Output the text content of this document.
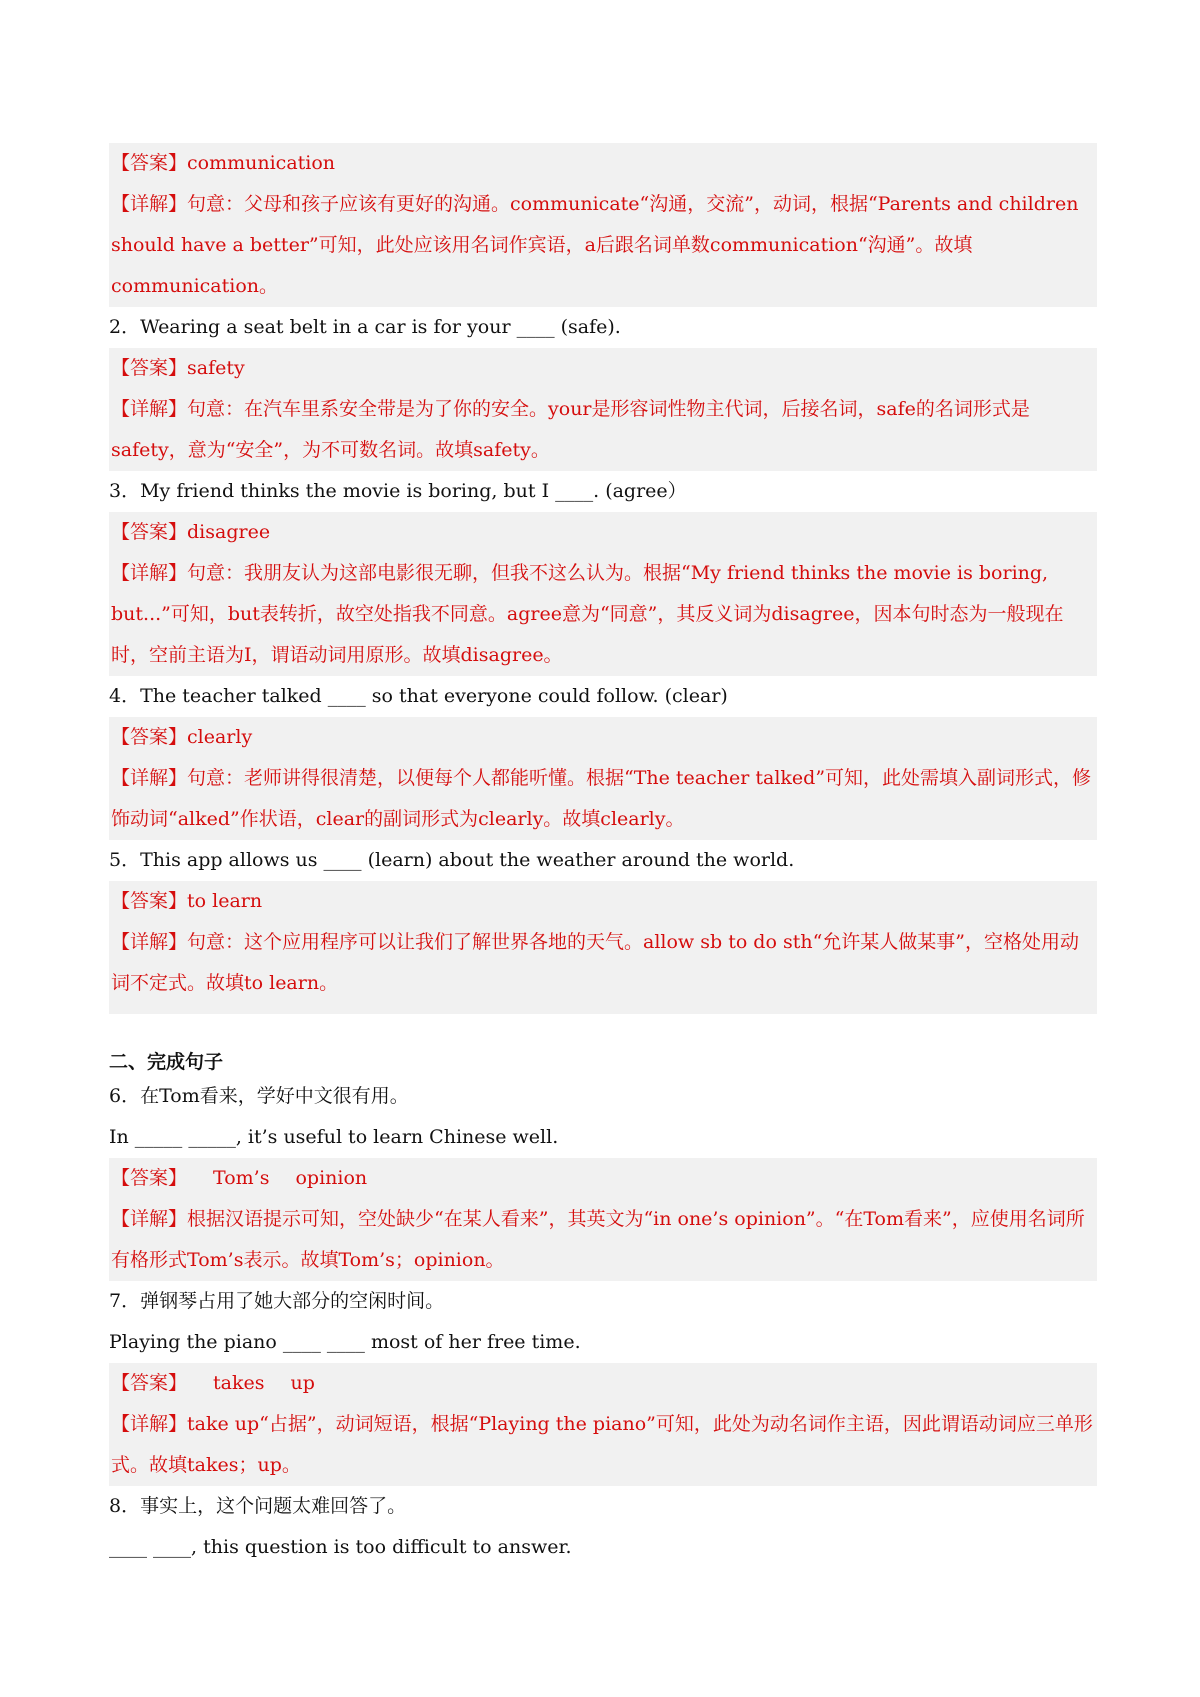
【答案】communication

【详解】句意：父母和孩子应该有更好的沟通。communicate“沟通，交流”，动词，根据“Parents and children should have a better”可知，此处应该用名词作宾语，a后跟名词单数communication“沟通”。故填communication。

2．Wearing a seat belt in a car is for your ____ (safe).

【答案】safety

【详解】句意：在汽车里系安全带是为了你的安全。your是形容词性物主代词，后接名词，safe的名词形式是safety，意为“安全”，为不可数名词。故填safety。

3．My friend thinks the movie is boring, but I ____. (agree）

【答案】disagree

【详解】句意：我朋友认为这部电影很无聊，但我不这么认为。根据“My friend thinks the movie is boring, but...”可知，but表转折，故空处指我不同意。agree意为“同意”，其反义词为disagree，因本句时态为一般现在时，空前主语为I，谓语动词用原形。故填disagree。

4．The teacher talked ____ so that everyone could follow. (clear)

【答案】clearly

【详解】句意：老师讲得很清楚，以便每个人都能听懂。根据“The teacher talked”可知，此处需填入副词形式，修饰动词“alked”作状语，clear的副词形式为clearly。故填clearly。

5．This app allows us ____ (learn) about the weather around the world.

【答案】to learn

【详解】句意：这个应用程序可以让我们了解世界各地的天气。allow sb to do sth“允许某人做某事”，空格处用动词不定式。故填to learn。

二、完成句子
6．在Tom看来，学好中文很有用。
In _____ _____, it’s useful to learn Chinese well.

【答案】 Tom’s opinion

【详解】根据汉语提示可知，空处缺少“在某人看来”，其英文为“in one’s opinion”。“在Tom看来”，应使用名词所有格形式Tom’s表示。故填Tom’s；opinion。

7．弹钢琴占用了她大部分的空闲时间。
Playing the piano ____ ____ most of her free time.

【答案】 takes up

【详解】take up“占据”，动词短语，根据“Playing the piano”可知，此处为动名词作主语，因此谓语动词应三单形式。故填takes；up。

8．事实上，这个问题太难回答了。
____ ____, this question is too difficult to answer.
